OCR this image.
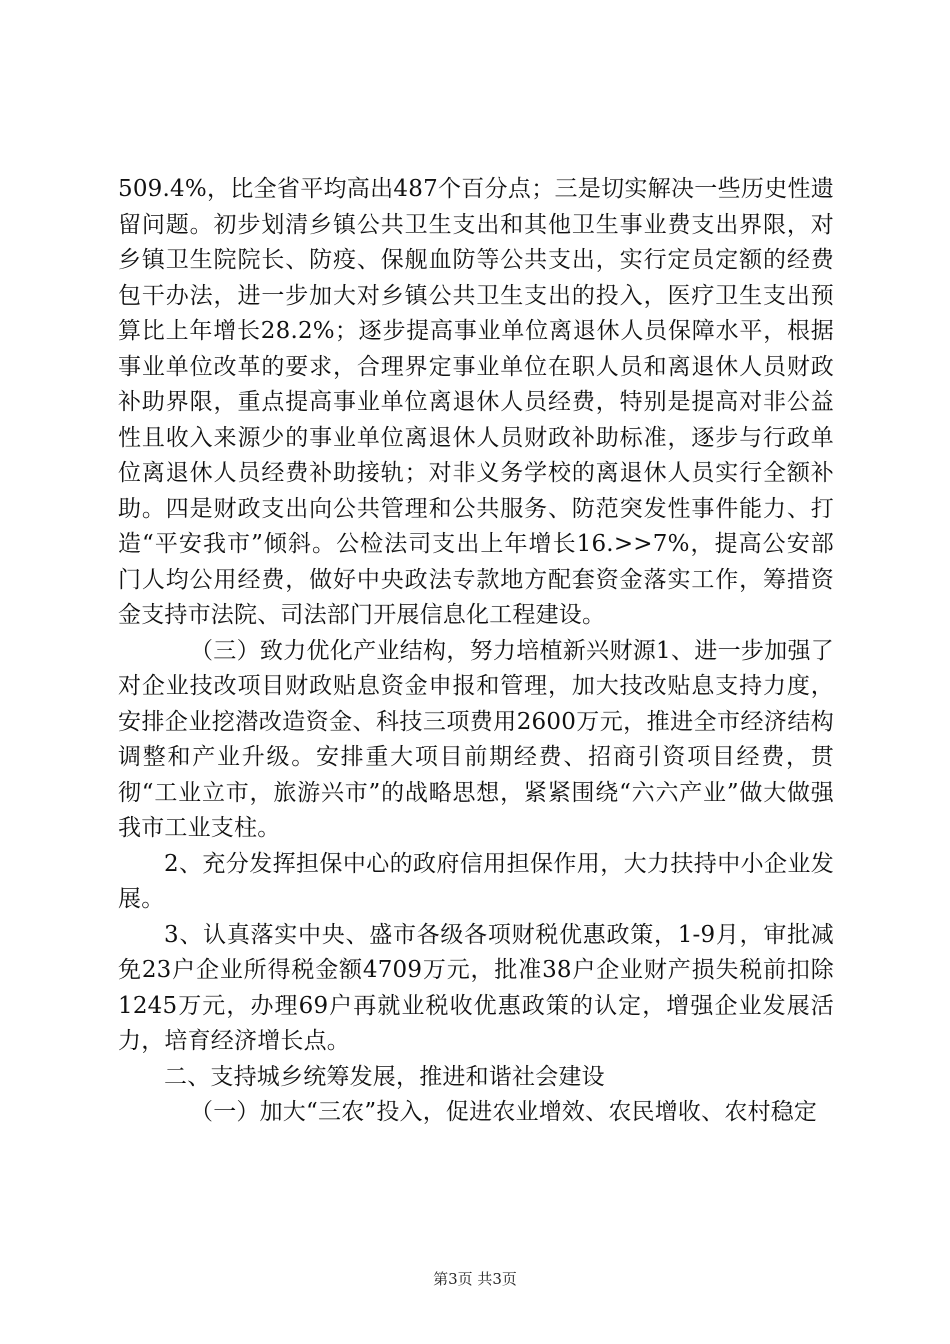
509.4%，比全省平均高出487个百分点；三是切实解决一些历史性遗留问题。初步划清乡镇公共卫生支出和其他卫生事业费支出界限，对乡镇卫生院院长、防疫、保舰血防等公共支出，实行定员定额的经费包干办法，进一步加大对乡镇公共卫生支出的投入，医疗卫生支出预算比上年增长28.2%；逐步提高事业单位离退休人员保障水平，根据事业单位改革的要求，合理界定事业单位在职人员和离退休人员财政补助界限，重点提高事业单位离退休人员经费，特别是提高对非公益性且收入来源少的事业单位离退休人员财政补助标准，逐步与行政单位离退休人员经费补助接轨；对非义务学校的离退休人员实行全额补助。四是财政支出向公共管理和公共服务、防范突发性事件能力、打造“平安我市”倾斜。公检法司支出上年增长16.>>7%，提高公安部门人均公用经费，做好中央政法专款地方配套资金落实工作，筹措资金支持市法院、司法部门开展信息化工程建设。

（三）致力优化产业结构，努力培植新兴财源1、进一步加强了对企业技改项目财政贴息资金申报和管理，加大技改贴息支持力度，安排企业挖潜改造资金、科技三项费用2600万元，推进全市经济结构调整和产业升级。安排重大项目前期经费、招商引资项目经费，贯彻“工业立市，旅游兴市”的战略思想，紧紧围绕“六六产业”做大做强我市工业支柱。

2、充分发挥担保中心的政府信用担保作用，大力扶持中小企业发展。

3、认真落实中央、盛市各级各项财税优惠政策，1-9月，审批减免23户企业所得税金额4709万元，批准38户企业财产损失税前扣除1245万元，办理69户再就业税收优惠政策的认定，增强企业发展活力，培育经济增长点。

二、支持城乡统筹发展，推进和谐社会建设

（一）加大“三农”投入，促进农业增效、农民增收、农村稳定

第3页 共3页
